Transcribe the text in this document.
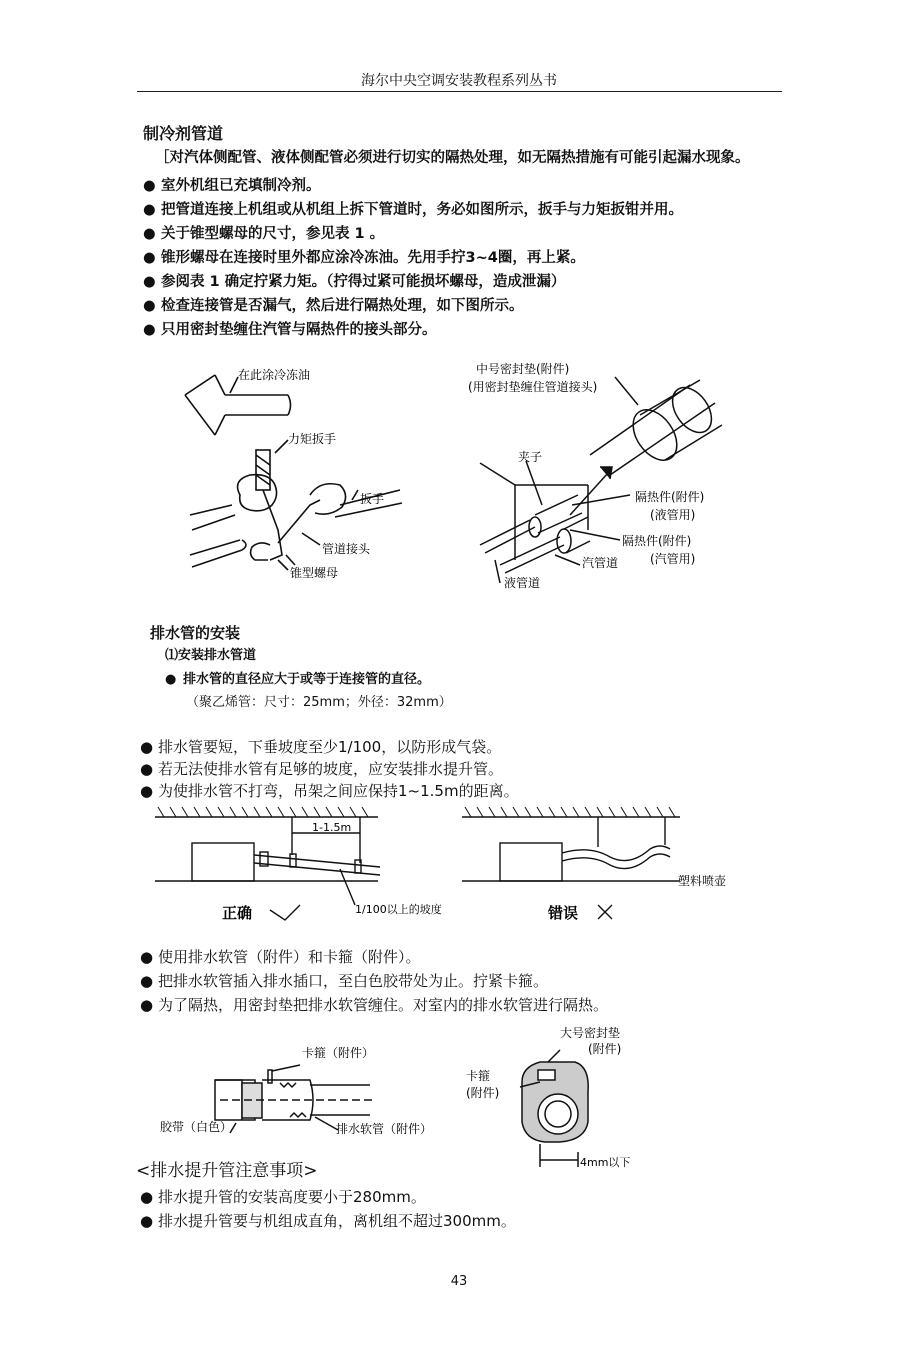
海尔中央空调安装教程系列丛书
制冷剂管道
［对汽体侧配管、液体侧配管必须进行切实的隔热处理，如无隔热措施有可能引起漏水现象。
● 室外机组已充填制冷剂。
● 把管道连接上机组或从机组上拆下管道时，务必如图所示，扳手与力矩扳钳并用。
● 关于锥型螺母的尺寸，参见表 1 。
● 锥形螺母在连接时里外都应涂冷冻油。先用手拧3~4圈，再上紧。
● 参阅表 1 确定拧紧力矩。（拧得过紧可能损坏螺母，造成泄漏）
● 检查连接管是否漏气，然后进行隔热处理，如下图所示。
● 只用密封垫缠住汽管与隔热件的接头部分。
在此涂冷冻油
力矩扳手
扳手
管道接头
锥型螺母
中号密封垫(附件)
(用密封垫缠住管道接头)
夹子
隔热件(附件)
(液管用)
隔热件(附件)
(汽管用)
汽管道
液管道
排水管的安装
⑴安装排水管道
● 排水管的直径应大于或等于连接管的直径。
（聚乙烯管：尺寸：25mm；外径：32mm）
● 排水管要短，下垂坡度至少1/100，以防形成气袋。
● 若无法使排水管有足够的坡度，应安装排水提升管。
● 为使排水管不打弯，吊架之间应保持1~1.5m的距离。
1-1.5m
1/100以上的坡度
正确	错误
塑料喷壶
● 使用排水软管（附件）和卡箍（附件）。
● 把排水软管插入排水插口，至白色胶带处为止。拧紧卡箍。
● 为了隔热，用密封垫把排水软管缠住。对室内的排水软管进行隔热。
卡箍（附件）
胶带（白色）	排水软管（附件）
卡箍
(附件)
大号密封垫
(附件)
4mm以下
<排水提升管注意事项>
● 排水提升管的安装高度要小于280mm。
● 排水提升管要与机组成直角，离机组不超过300mm。
43
